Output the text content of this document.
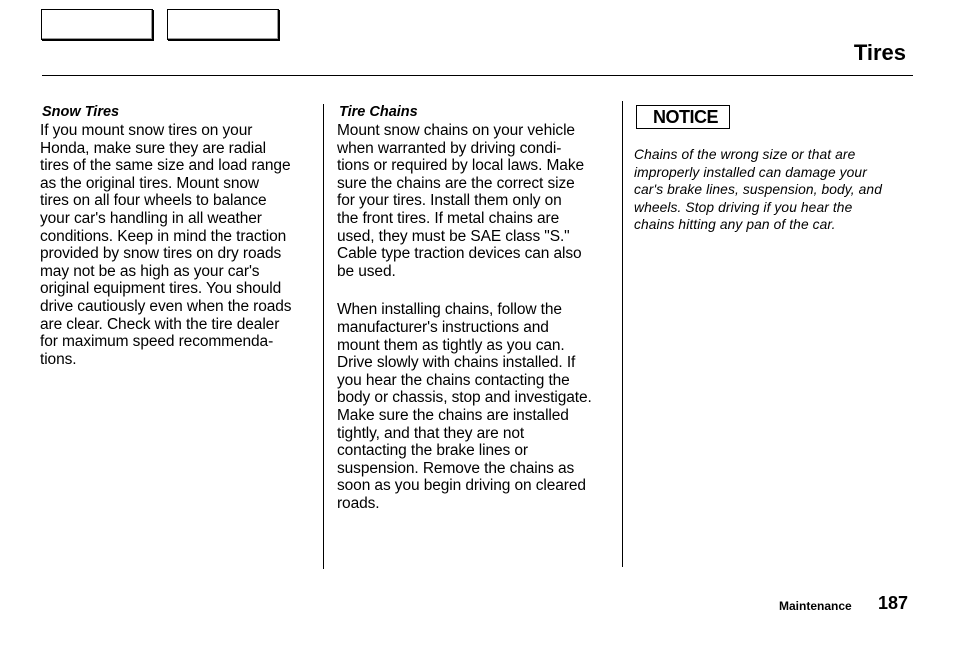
Tires
Snow Tires

If you mount snow tires on your
Honda, make sure they are radial
tires of the same size and load range
as the original tires. Mount snow
tires on all four wheels to balance
your car's handling in all weather
conditions. Keep in mind the traction
provided by snow tires on dry roads
may not be as high as your car's
original equipment tires. You should
drive cautiously even when the roads
are clear. Check with the tire dealer
for maximum speed recommenda-
tions.

Tire Chains

Mount snow chains on your vehicle
when warranted by driving condi-
tions or required by local laws. Make
sure the chains are the correct size
for your tires. Install them only on
the front tires. If metal chains are
used, they must be SAE class "S."
Cable type traction devices can also
be used.

When installing chains, follow the
manufacturer's instructions and
mount them as tightly as you can.
Drive slowly with chains installed. If
you hear the chains contacting the
body or chassis, stop and investigate.
Make sure the chains are installed
tightly, and that they are not
contacting the brake lines or
suspension. Remove the chains as
soon as you begin driving on cleared
roads.

NOTICE

Chains of the wrong size or that are
improperly installed can damage your
car's brake lines, suspension, body, and
wheels. Stop driving if you hear the
chains hitting any pan of the car.

Maintenance 187
